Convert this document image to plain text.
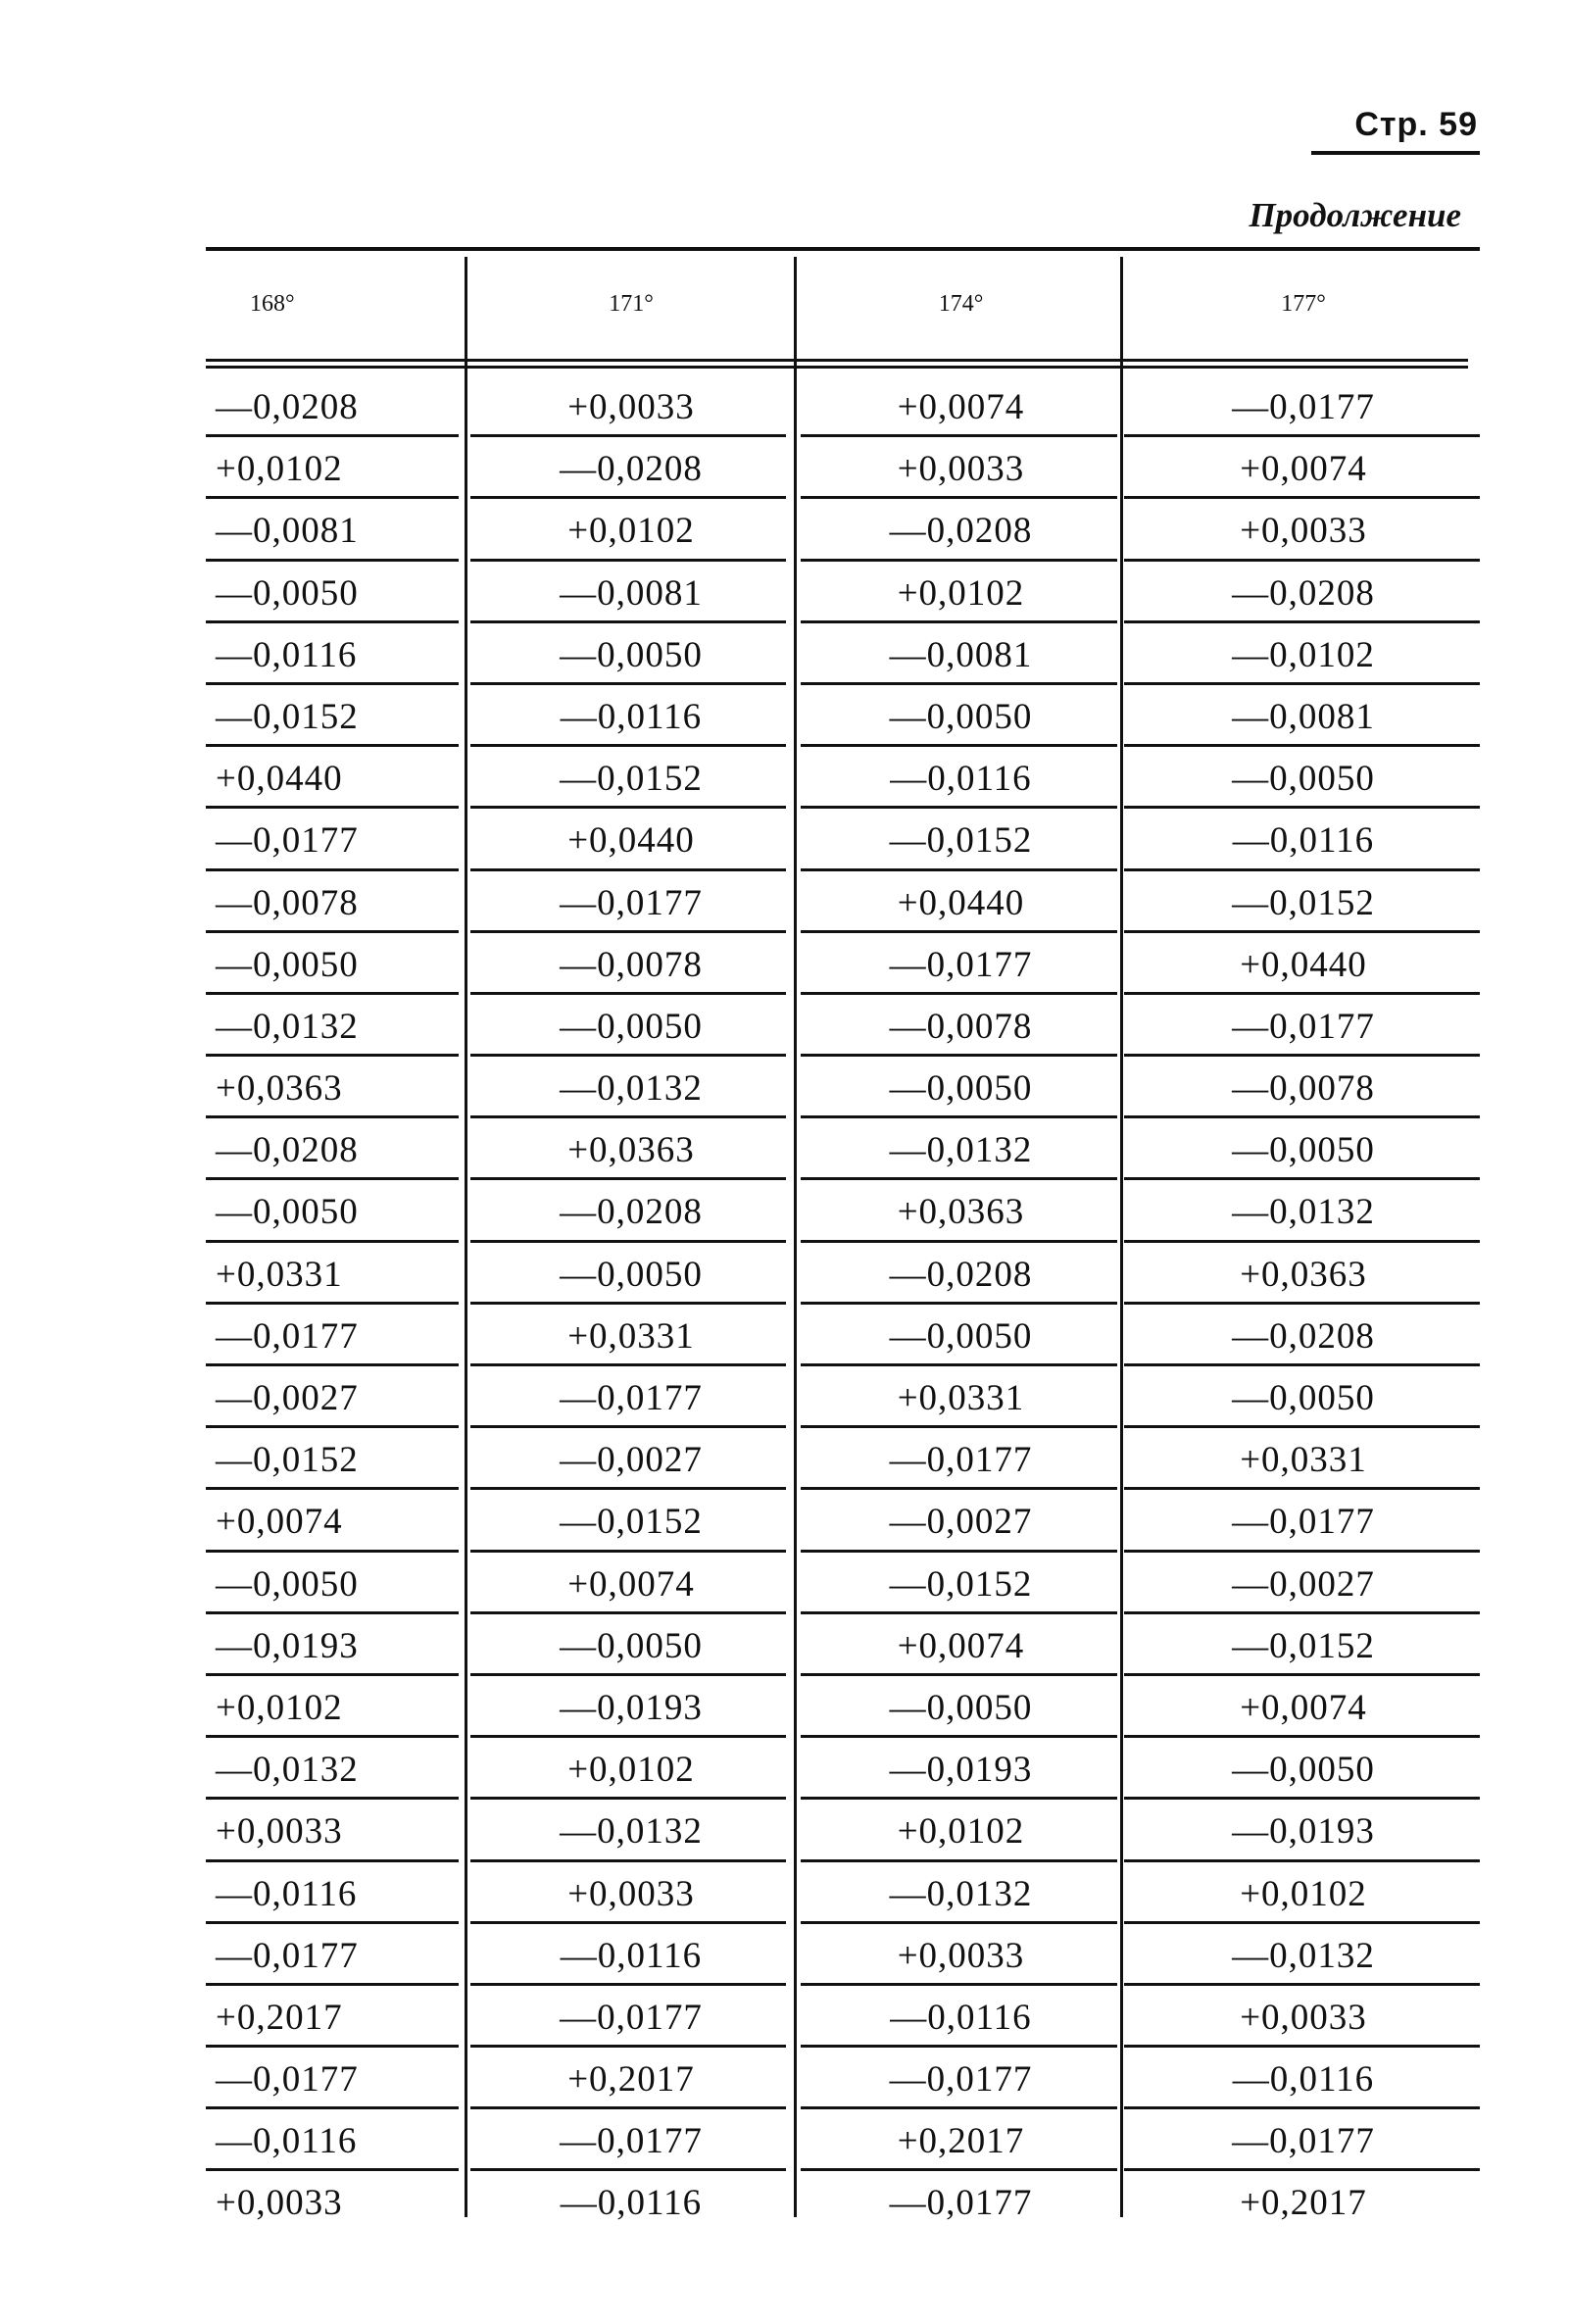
Стр. 59
Продолжение
168°	171°	174°	177°
—0,0208	+0,0033	+0,0074	—0,0177
+0,0102	—0,0208	+0,0033	+0,0074
—0,0081	+0,0102	—0,0208	+0,0033
—0,0050	—0,0081	+0,0102	—0,0208
—0,0116	—0,0050	—0,0081	—0,0102
—0,0152	—0,0116	—0,0050	—0,0081
+0,0440	—0,0152	—0,0116	—0,0050
—0,0177	+0,0440	—0,0152	—0,0116
—0,0078	—0,0177	+0,0440	—0,0152
—0,0050	—0,0078	—0,0177	+0,0440
—0,0132	—0,0050	—0,0078	—0,0177
+0,0363	—0,0132	—0,0050	—0,0078
—0,0208	+0,0363	—0,0132	—0,0050
—0,0050	—0,0208	+0,0363	—0,0132
+0,0331	—0,0050	—0,0208	+0,0363
—0,0177	+0,0331	—0,0050	—0,0208
—0,0027	—0,0177	+0,0331	—0,0050
—0,0152	—0,0027	—0,0177	+0,0331
+0,0074	—0,0152	—0,0027	—0,0177
—0,0050	+0,0074	—0,0152	—0,0027
—0,0193	—0,0050	+0,0074	—0,0152
+0,0102	—0,0193	—0,0050	+0,0074
—0,0132	+0,0102	—0,0193	—0,0050
+0,0033	—0,0132	+0,0102	—0,0193
—0,0116	+0,0033	—0,0132	+0,0102
—0,0177	—0,0116	+0,0033	—0,0132
+0,2017	—0,0177	—0,0116	+0,0033
—0,0177	+0,2017	—0,0177	—0,0116
—0,0116	—0,0177	+0,2017	—0,0177
+0,0033	—0,0116	—0,0177	+0,2017
